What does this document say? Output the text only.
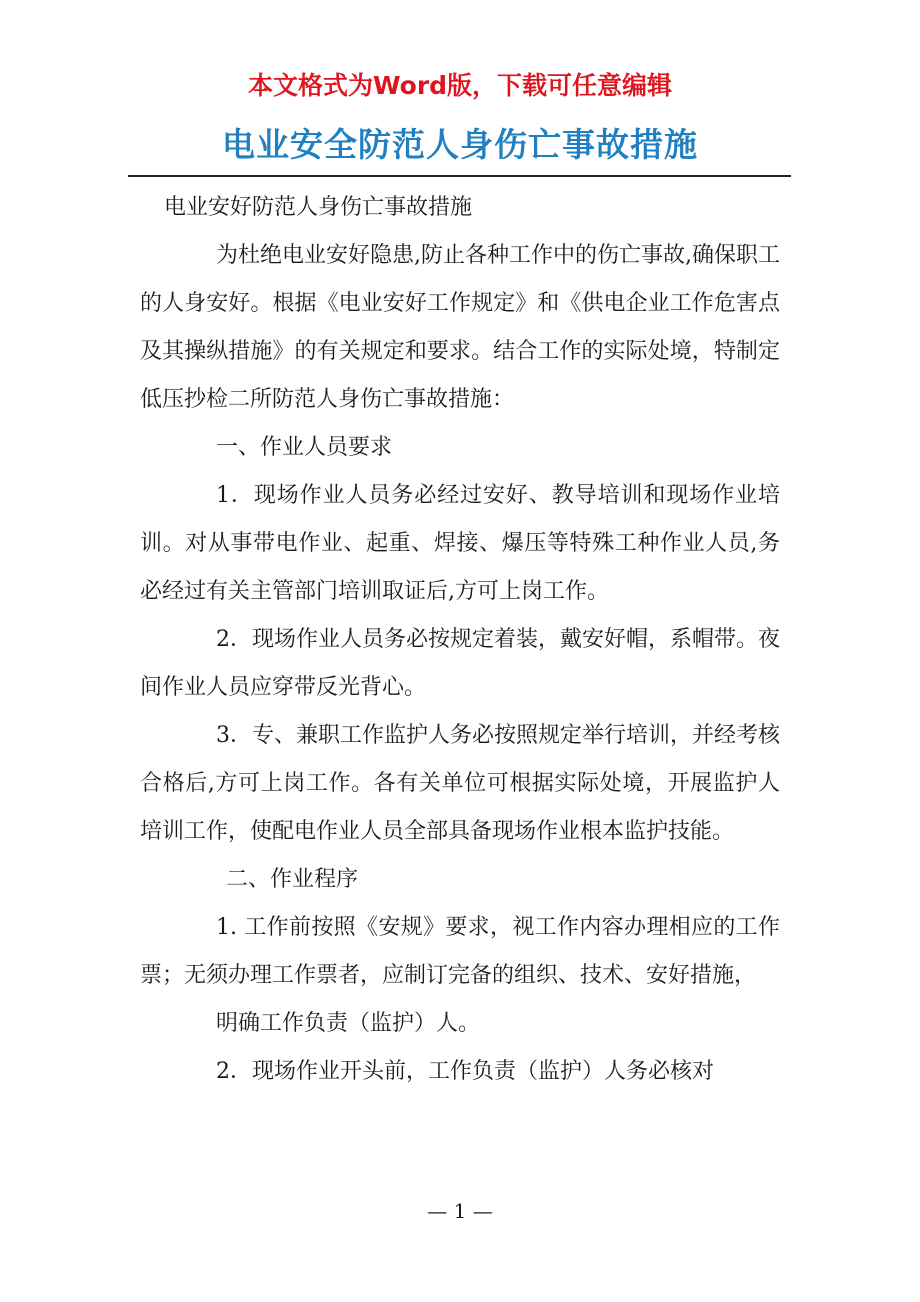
本文格式为Word版，下载可任意编辑
电业安全防范人身伤亡事故措施

电业安好防范人身伤亡事故措施

为杜绝电业安好隐患,防止各种工作中的伤亡事故,确保职工的人身安好。根据《电业安好工作规定》和《供电企业工作危害点及其操纵措施》的有关规定和要求。结合工作的实际处境，特制定低压抄检二所防范人身伤亡事故措施：

一、作业人员要求

1．现场作业人员务必经过安好、教导培训和现场作业培训。对从事带电作业、起重、焊接、爆压等特殊工种作业人员,务必经过有关主管部门培训取证后,方可上岗工作。

2．现场作业人员务必按规定着装，戴安好帽，系帽带。夜间作业人员应穿带反光背心。

3．专、兼职工作监护人务必按照规定举行培训，并经考核合格后,方可上岗工作。各有关单位可根据实际处境，开展监护人培训工作，使配电作业人员全部具备现场作业根本监护技能。

二、作业程序

1. 工作前按照《安规》要求，视工作内容办理相应的工作票；无须办理工作票者，应制订完备的组织、技术、安好措施，

明确工作负责（监护）人。

2．现场作业开头前，工作负责（监护）人务必核对

— 1 —
